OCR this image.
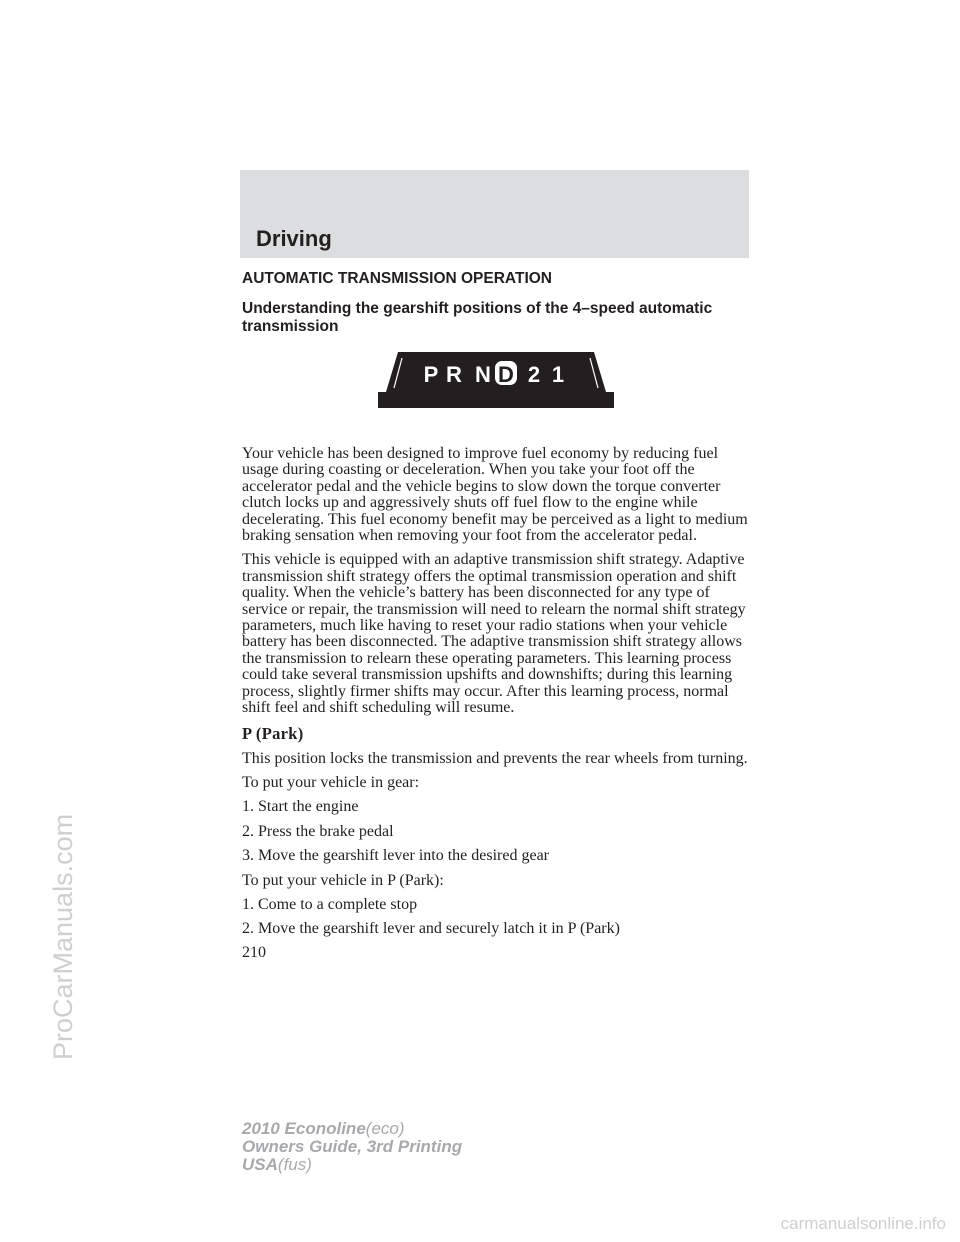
Driving
ProCarManuals.com
AUTOMATIC TRANSMISSION OPERATION
Understanding the gearshift positions of the 4–speed automatic transmission
P R N D 2 1

Your vehicle has been designed to improve fuel economy by reducing fuel usage during coasting or deceleration. When you take your foot off the accelerator pedal and the vehicle begins to slow down the torque converter clutch locks up and aggressively shuts off fuel flow to the engine while decelerating. This fuel economy benefit may be perceived as a light to medium braking sensation when removing your foot from the accelerator pedal.

This vehicle is equipped with an adaptive transmission shift strategy. Adaptive transmission shift strategy offers the optimal transmission operation and shift quality. When the vehicle’s battery has been disconnected for any type of service or repair, the transmission will need to relearn the normal shift strategy parameters, much like having to reset your radio stations when your vehicle battery has been disconnected. The adaptive transmission shift strategy allows the transmission to relearn these operating parameters. This learning process could take several transmission upshifts and downshifts; during this learning process, slightly firmer shifts may occur. After this learning process, normal shift feel and shift scheduling will resume.

P (Park)

This position locks the transmission and prevents the rear wheels from turning.

To put your vehicle in gear:

1. Start the engine

2. Press the brake pedal

3. Move the gearshift lever into the desired gear

To put your vehicle in P (Park):

1. Come to a complete stop

2. Move the gearshift lever and securely latch it in P (Park)

210
2010 Econoline(eco)
Owners Guide, 3rd Printing
USA(fus)
carmanualsonline.info
